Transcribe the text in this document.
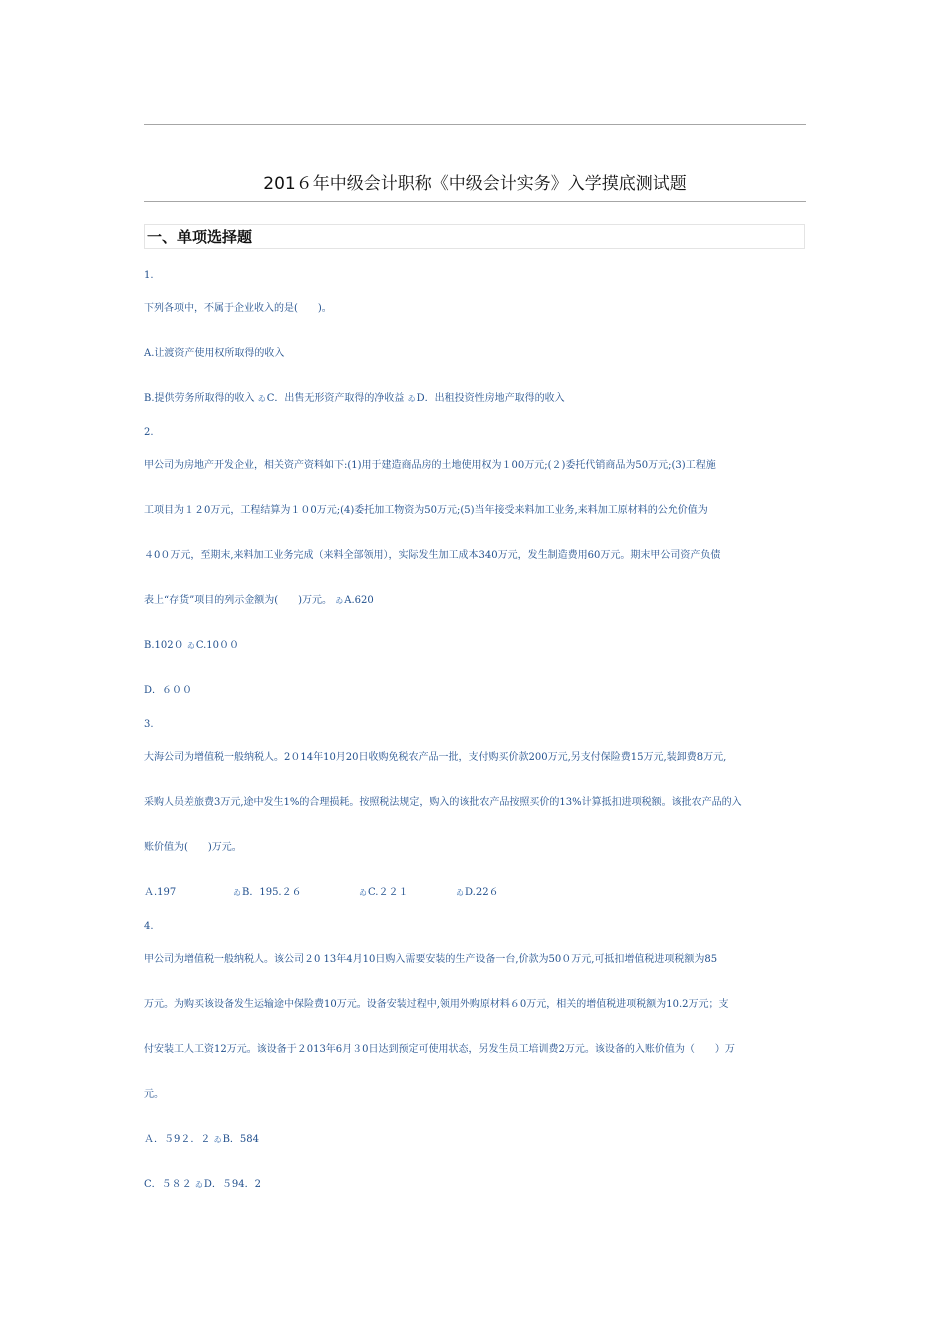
201６年中级会计职称《中级会计实务》入学摸底测试题
一、单项选择题
1.
下列各项中，不属于企业收入的是(　　)。
A.让渡资产使用权所取得的收入
B.提供劳务所取得的收入 ゐC．出售无形资产取得的净收益 ゐD．出租投资性房地产取得的收入
2.
甲公司为房地产开发企业，相关资产资料如下:(1)用于建造商品房的土地使用权为１00万元;(２)委托代销商品为50万元;(3)工程施
工项目为１２0万元，工程结算为１０0万元;(4)委托加工物资为50万元;(5)当年接受来料加工业务,来料加工原材料的公允价值为
４0０万元，至期末,来料加工业务完成（来料全部领用），实际发生加工成本340万元，发生制造费用60万元。期末甲公司资产负债
表上“存货”项目的列示金额为(　　)万元。 ゐA.620
B.102０ ゐC.10００
D．６００
3.
大海公司为增值税一般纳税人。2０14年10月20日收购免税农产品一批，支付购买价款200万元,另支付保险费15万元,装卸费8万元,
采购人员差旅费3万元,途中发生1%的合理损耗。按照税法规定，购入的该批农产品按照买价的13%计算抵扣进项税额。该批农产品的入
账价值为(　　)万元。
Ａ.197	ゐB．195.２６	ゐC.２２１	ゐD.22６
4.
甲公司为增值税一般纳税人。该公司２0 13年4月10日购入需要安装的生产设备一台,价款为50０万元,可抵扣增值税进项税额为85
万元。为购买该设备发生运输途中保险费10万元。设备安装过程中,领用外购原材料６0万元，相关的增值税进项税额为10.2万元；支
付安装工人工资12万元。该设备于２013年6月３0日达到预定可使用状态，另发生员工培训费2万元。该设备的入账价值为（　　）万
元。
Ａ．５9２．２ ゐB．584
C．５８２ ゐD．５94．2
